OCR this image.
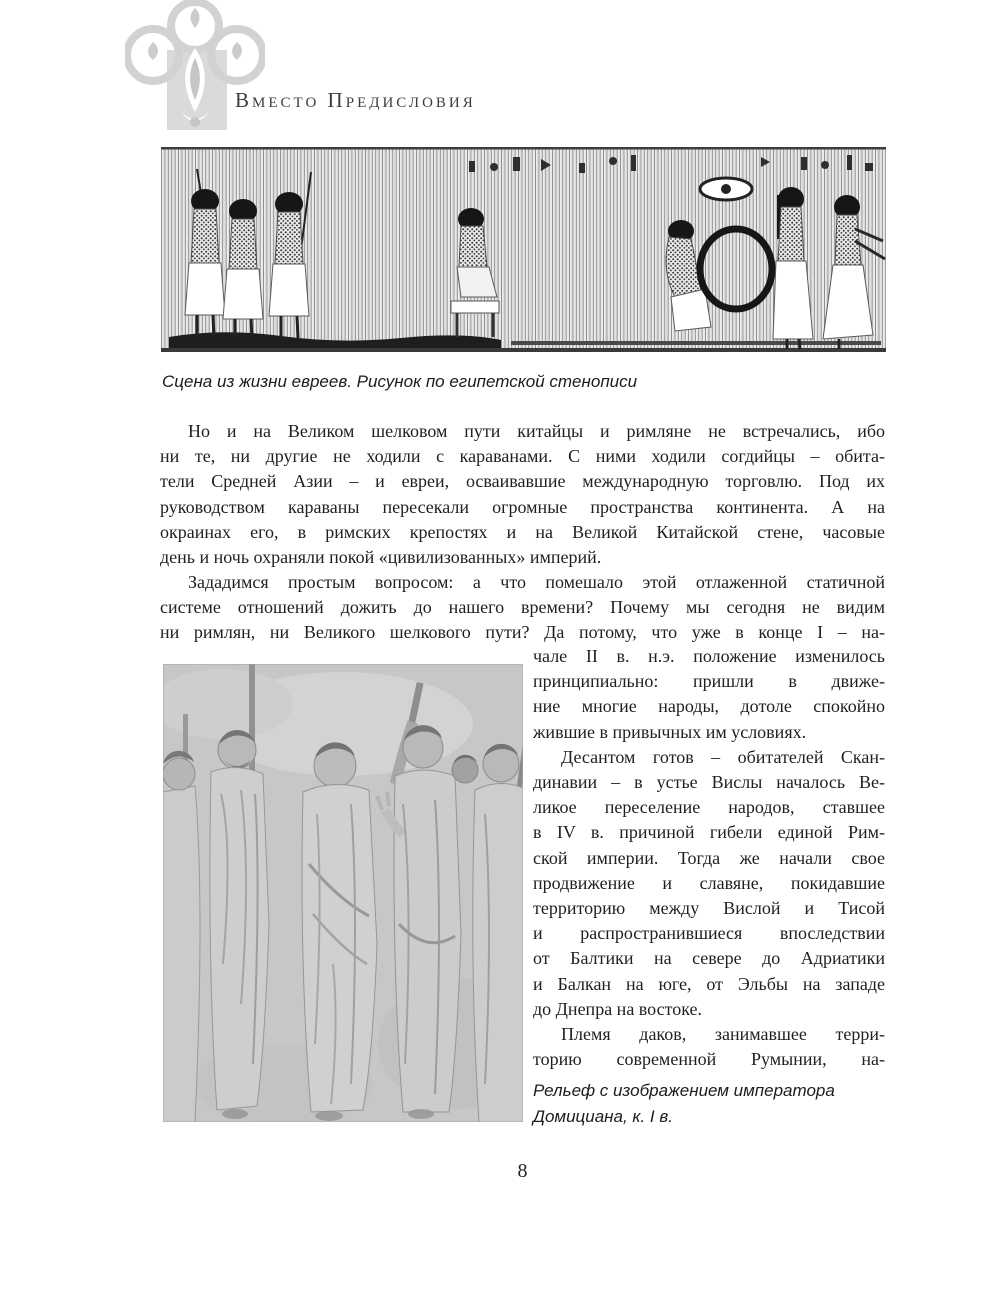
Вместо Предисловия
Сцена из жизни евреев. Рисунок по египетской стенописи
Но и на Великом шелковом пути китайцы и римляне не встречались, ибо
ни те, ни другие не ходили с караванами. С ними ходили согдийцы – обита-
тели Средней Азии – и евреи, осваивавшие международную торговлю. Под их
руководством караваны пересекали огромные пространства континента. А на
окраинах его, в римских крепостях и на Великой Китайской стене, часовые
день и ночь охраняли покой «цивилизованных» империй.
Зададимся простым вопросом: а что помешало этой отлаженной статичной
системе отношений дожить до нашего времени? Почему мы сегодня не видим
ни римлян, ни Великого шелкового пути? Да потому, что уже в конце I – на-
чале II в. н.э. положение изменилось
принципиально: пришли в движе-
ние многие народы, дотоле спокойно
жившие в привычных им условиях.
Десантом готов – обитателей Скан-
динавии – в устье Вислы началось Ве-
ликое переселение народов, ставшее
в IV в. причиной гибели единой Рим-
ской империи. Тогда же начали свое
продвижение и славяне, покидавшие
территорию между Вислой и Тисой
и распространившиеся впоследствии
от Балтики на севере до Адриатики
и Балкан на юге, от Эльбы на западе
до Днепра на востоке.
Племя даков, занимавшее терри-
торию современной Румынии, на-
Рельеф с изображением императора
Домициана, к. I в.
8
